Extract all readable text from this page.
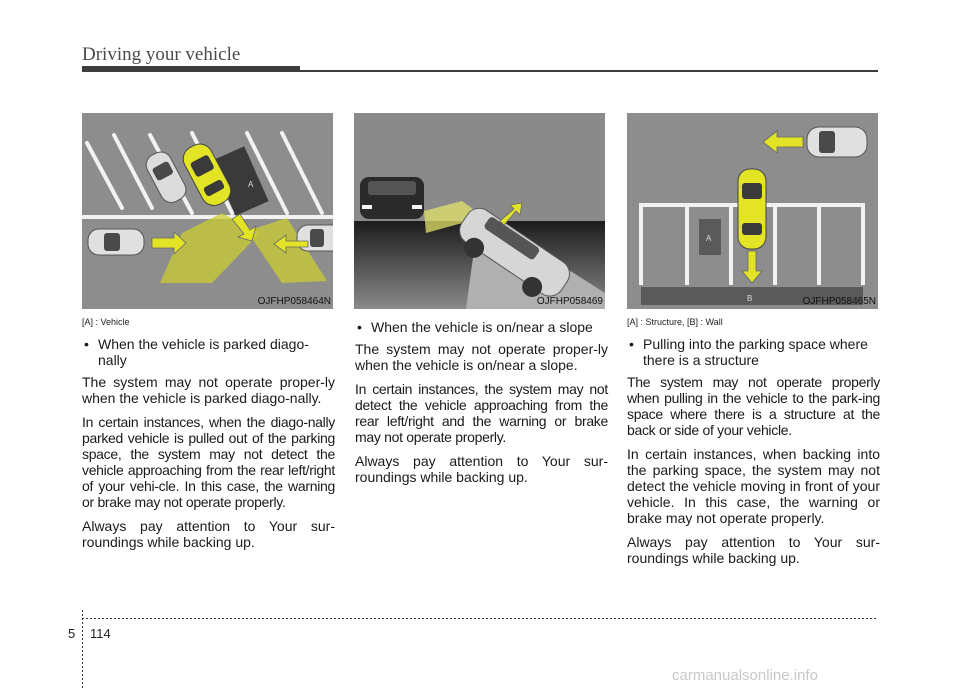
Driving your vehicle
A
OJFHP058464N	OJFHP058469	B
A
OJFHP058465N

[A] : Vehicle

• When the vehicle is parked diago-nally

The system may not operate proper-ly when the vehicle is parked diago-nally.

In certain instances, when the diago-nally parked vehicle is pulled out of the parking space, the system may not detect the vehicle approaching from the rear left/right of your vehi-cle. In this case, the warning or brake may not operate properly.

Always pay attention to Your sur-roundings while backing up.

• When the vehicle is on/near a slope

The system may not operate proper-ly when the vehicle is on/near a slope.

In certain instances, the system may not detect the vehicle approaching from the rear left/right and the warning or brake may not operate properly.

Always pay attention to Your sur-roundings while backing up.

[A] : Structure, [B] : Wall

• Pulling into the parking space where there is a structure

The system may not operate properly when pulling in the vehicle to the park-ing space where there is a structure at the back or side of your vehicle.

In certain instances, when backing into the parking space, the system may not detect the vehicle moving in front of your vehicle. In this case, the warning or brake may not operate properly.

Always pay attention to Your sur-roundings while backing up.

5 114
carmanualsonline.info
